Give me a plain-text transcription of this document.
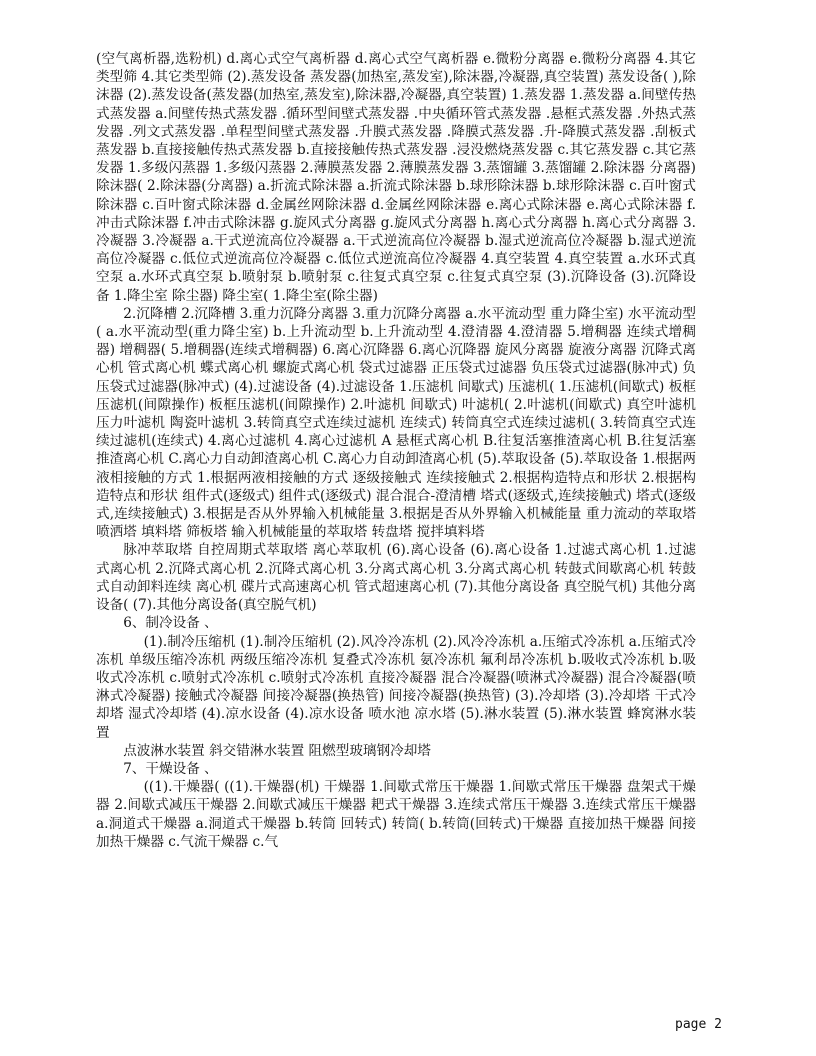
(空气离析器,选粉机) d.离心式空气离析器 d.离心式空气离析器 e.微粉分离器 e.微粉分离器 4.其它类型筛 4.其它类型筛 (2).蒸发设备 蒸发器(加热室,蒸发室),除沫器,冷凝器,真空装置) 蒸发设备( ),除沫器 (2).蒸发设备(蒸发器(加热室,蒸发室),除沫器,冷凝器,真空装置) 1.蒸发器 1.蒸发器 a.间壁传热式蒸发器 a.间壁传热式蒸发器 .循环型间壁式蒸发器 .中央循环管式蒸发器 .悬框式蒸发器 .外热式蒸发器 .列文式蒸发器 .单程型间壁式蒸发器 .升膜式蒸发器 .降膜式蒸发器 .升-降膜式蒸发器 .刮板式蒸发器 b.直接接触传热式蒸发器 b.直接接触传热式蒸发器 .浸没燃烧蒸发器 c.其它蒸发器 c.其它蒸发器 1.多级闪蒸器 1.多级闪蒸器 2.薄膜蒸发器 2.薄膜蒸发器 3.蒸馏罐 3.蒸馏罐 2.除沫器 分离器) 除沫器( 2.除沫器(分离器) a.折流式除沫器 a.折流式除沫器 b.球形除沫器 b.球形除沫器 c.百叶窗式除沫器 c.百叶窗式除沫器 d.金属丝网除沫器 d.金属丝网除沫器 e.离心式除沫器 e.离心式除沫器 f.冲击式除沫器 f.冲击式除沫器 g.旋风式分离器 g.旋风式分离器 h.离心式分离器 h.离心式分离器 3.冷凝器 3.冷凝器 a.干式逆流高位冷凝器 a.干式逆流高位冷凝器 b.湿式逆流高位冷凝器 b.湿式逆流高位冷凝器 c.低位式逆流高位冷凝器 c.低位式逆流高位冷凝器 4.真空装置 4.真空装置 a.水环式真空泵 a.水环式真空泵 b.喷射泵 b.喷射泵 c.往复式真空泵 c.往复式真空泵 (3).沉降设备 (3).沉降设备 1.降尘室 除尘器) 降尘室( 1.降尘室(除尘器)

2.沉降槽 2.沉降槽 3.重力沉降分离器 3.重力沉降分离器 a.水平流动型 重力降尘室) 水平流动型( a.水平流动型(重力降尘室) b.上升流动型 b.上升流动型 4.澄清器 4.澄清器 5.增稠器 连续式增稠器) 增稠器( 5.增稠器(连续式增稠器) 6.离心沉降器 6.离心沉降器 旋风分离器 旋液分离器 沉降式离心机 管式离心机 蝶式离心机 螺旋式离心机 袋式过滤器 正压袋式过滤器 负压袋式过滤器(脉冲式) 负压袋式过滤器(脉冲式) (4).过滤设备 (4).过滤设备 1.压滤机 间歇式) 压滤机( 1.压滤机(间歇式) 板框压滤机(间隙操作) 板框压滤机(间隙操作) 2.叶滤机 间歇式) 叶滤机( 2.叶滤机(间歇式) 真空叶滤机 压力叶滤机 陶瓷叶滤机 3.转筒真空式连续过滤机 连续式) 转筒真空式连续过滤机( 3.转筒真空式连续过滤机(连续式) 4.离心过滤机 4.离心过滤机 A 悬框式离心机 B.往复活塞推渣离心机 B.往复活塞推渣离心机 C.离心力自动卸渣离心机 C.离心力自动卸渣离心机 (5).萃取设备 (5).萃取设备 1.根据两液相接触的方式 1.根据两液相接触的方式 逐级接触式 连续接触式 2.根据构造特点和形状 2.根据构造特点和形状 组件式(逐级式) 组件式(逐级式) 混合混合-澄清槽 塔式(逐级式,连续接触式) 塔式(逐级式,连续接触式) 3.根据是否从外界输入机械能量 3.根据是否从外界输入机械能量 重力流动的萃取塔 喷洒塔 填料塔 筛板塔 输入机械能量的萃取塔 转盘塔 搅拌填料塔

脉冲萃取塔 自控周期式萃取塔 离心萃取机 (6).离心设备 (6).离心设备 1.过滤式离心机 1.过滤式离心机 2.沉降式离心机 2.沉降式离心机 3.分离式离心机 3.分离式离心机 转鼓式间歇离心机 转鼓式自动卸料连续 离心机 碟片式高速离心机 管式超速离心机 (7).其他分离设备 真空脱气机) 其他分离设备( (7).其他分离设备(真空脱气机)

6、制冷设备 、

(1).制冷压缩机 (1).制冷压缩机 (2).风冷冷冻机 (2).风冷冷冻机 a.压缩式冷冻机 a.压缩式冷冻机 单级压缩冷冻机 两级压缩冷冻机 复叠式冷冻机 氨冷冻机 氟利昂冷冻机 b.吸收式冷冻机 b.吸收式冷冻机 c.喷射式冷冻机 c.喷射式冷冻机 直接冷凝器 混合冷凝器(喷淋式冷凝器) 混合冷凝器(喷淋式冷凝器) 接触式冷凝器 间接冷凝器(换热管) 间接冷凝器(换热管) (3).冷却塔 (3).冷却塔 干式冷却塔 湿式冷却塔 (4).凉水设备 (4).凉水设备 喷水池 凉水塔 (5).淋水装置 (5).淋水装置 蜂窝淋水装置

点波淋水装置 斜交错淋水装置 阻燃型玻璃钢冷却塔

7、干燥设备 、

((1).干燥器( ((1).干燥器(机) 干燥器 1.间歇式常压干燥器 1.间歇式常压干燥器 盘架式干燥器 2.间歇式减压干燥器 2.间歇式减压干燥器 耙式干燥器 3.连续式常压干燥器 3.连续式常压干燥器 a.洞道式干燥器 a.洞道式干燥器 b.转筒 回转式) 转筒( b.转筒(回转式)干燥器 直接加热干燥器 间接加热干燥器 c.气流干燥器 c.气

page 2
